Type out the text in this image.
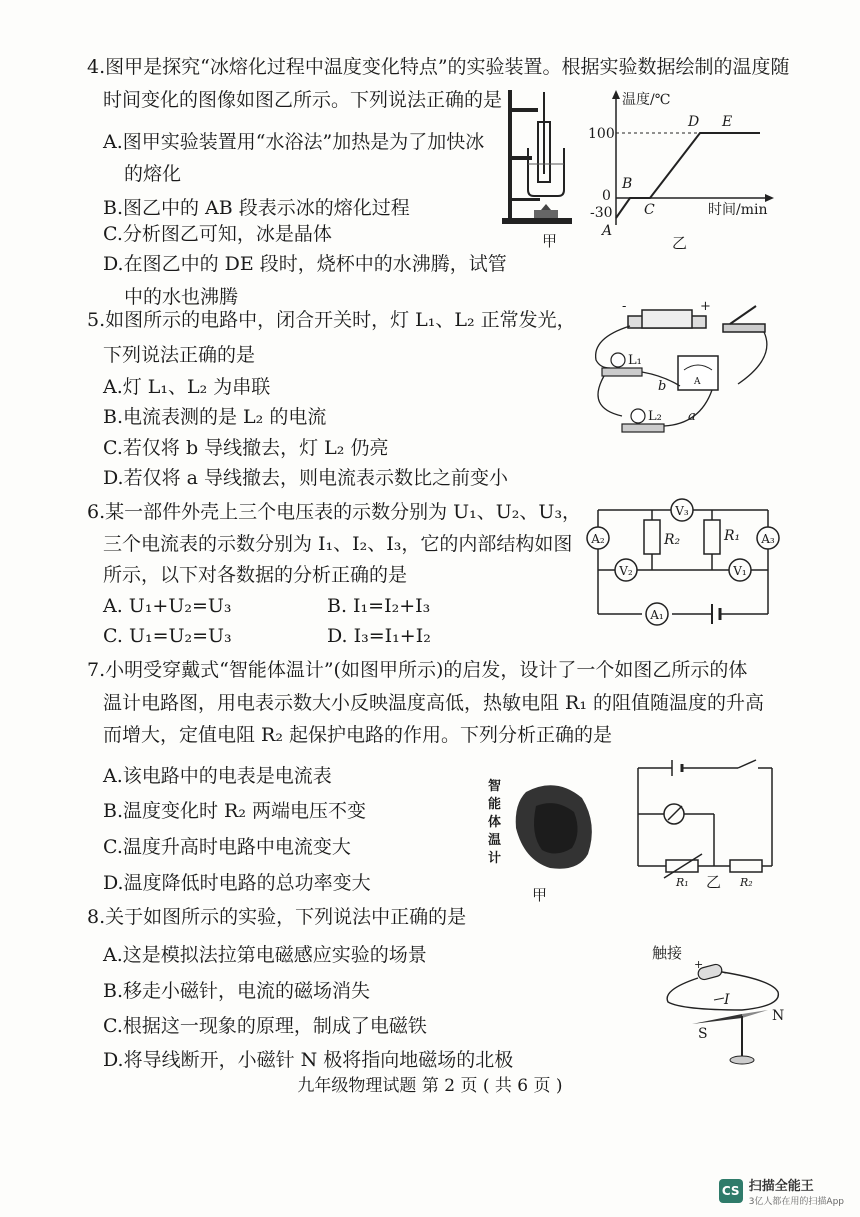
4.图甲是探究“冰熔化过程中温度变化特点”的实验装置。根据实验数据绘制的温度随
时间变化的图像如图乙所示。下列说法正确的是
A.图甲实验装置用“水浴法”加热是为了加快冰
的熔化
B.图乙中的 AB 段表示冰的熔化过程
C.分析图乙可知，冰是晶体
D.在图乙中的 DE 段时，烧杯中的水沸腾，试管
中的水也沸腾
甲
温度/℃
时间/min
100
0
-30
A
B
C
D E
乙
5.如图所示的电路中，闭合开关时，灯 L₁、L₂ 正常发光，
下列说法正确的是
A.灯 L₁、L₂ 为串联
B.电流表测的是 L₂ 的电流
C.若仅将 b 导线撤去，灯 L₂ 仍亮
D.若仅将 a 导线撤去，则电流表示数比之前变小
-	+
L₁
A
b
L₂ a
6.某一部件外壳上三个电压表的示数分别为 U₁、U₂、U₃，
三个电流表的示数分别为 I₁、I₂、I₃，它的内部结构如图
所示，以下对各数据的分析正确的是
A. U₁+U₂=U₃	B. I₁=I₂+I₃
C. U₁=U₂=U₃	D. I₃=I₁+I₂
V₃
A₂	A₃
V₂	V₁
A₁
R₂	R₁
7.小明受穿戴式“智能体温计”(如图甲所示)的启发，设计了一个如图乙所示的体
温计电路图，用电表示数大小反映温度高低，热敏电阻 R₁ 的阻值随温度的升高
而增大，定值电阻 R₂ 起保护电路的作用。下列分析正确的是
A.该电路中的电表是电流表
B.温度变化时 R₂ 两端电压不变
C.温度升高时电路中电流变大
D.温度降低时电路的总功率变大
智
能
体
温
计
甲
R₁	R₂
乙
8.关于如图所示的实验，下列说法中正确的是
A.这是模拟法拉第电磁感应实验的场景
B.移走小磁针，电流的磁场消失
C.根据这一现象的原理，制成了电磁铁
D.将导线断开，小磁针 N 极将指向地磁场的北极
触接
+
-
I
S
N
九年级物理试题 第 2 页 ( 共 6 页 )
CS 扫描全能王
3亿人都在用的扫描App
